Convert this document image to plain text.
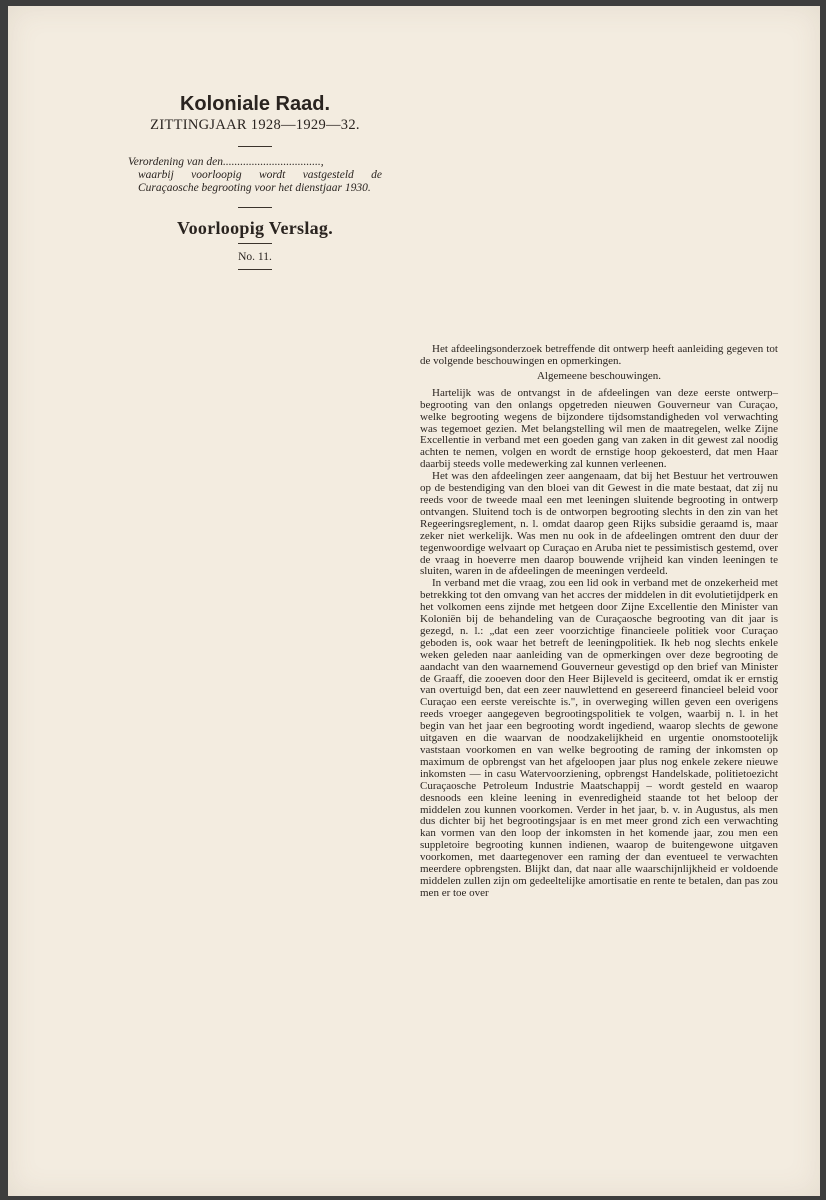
Koloniale Raad.

ZITTINGJAAR 1928—1929—32.

Verordening van den..................................,
waarbij voorloopig wordt vastgesteld de Curaçaosche begrooting voor het dienstjaar 1930.

Voorloopig Verslag.

No. 11.

Het afdeelingsonderzoek betreffende dit ontwerp heeft aanleiding gegeven tot de volgende beschouwingen en opmerkingen.

Algemeene beschouwingen.

Hartelijk was de ontvangst in de afdeelingen van deze eerste ontwerp–begrooting van den onlangs opgetreden nieuwen Gouverneur van Curaçao, welke begrooting wegens de bijzondere tijdsomstandigheden vol verwachting was tegemoet gezien. Met belangstelling wil men de maatregelen, welke Zijne Excellentie in verband met een goeden gang van zaken in dit gewest zal noodig achten te nemen, volgen en wordt de ernstige hoop gekoesterd, dat men Haar daarbij steeds volle medewerking zal kunnen verleenen.

Het was den afdeelingen zeer aangenaam, dat bij het Bestuur het vertrouwen op de bestendiging van den bloei van dit Gewest in die mate bestaat, dat zij nu reeds voor de tweede maal een met leeningen sluitende begrooting in ontwerp ontvangen. Sluitend toch is de ontworpen begrooting slechts in den zin van het Regeeringsreglement, n. l. omdat daarop geen Rijks subsidie geraamd is, maar zeker niet werkelijk. Was men nu ook in de afdeelingen omtrent den duur der tegenwoordige welvaart op Curaçao en Aruba niet te pessimistisch gestemd, over de vraag in hoeverre men daarop bouwende vrijheid kan vinden leeningen te sluiten, waren in de afdeelingen de meeningen verdeeld.

In verband met die vraag, zou een lid ook in verband met de onzekerheid met betrekking tot den omvang van het accres der middelen in dit evolutietijdperk en het volkomen eens zijnde met hetgeen door Zijne Excellentie den Minister van Koloniën bij de behandeling van de Curaçaosche begrooting van dit jaar is gezegd, n. l.: „dat een zeer voorzichtige financieele politiek voor Curaçao geboden is, ook waar het betreft de leeningpolitiek. Ik heb nog slechts enkele weken geleden naar aanleiding van de opmerkingen over deze begrooting de aandacht van den waarnemend Gouverneur gevestigd op den brief van Minister de Graaff, die zooeven door den Heer Bijleveld is geciteerd, omdat ik er ernstig van overtuigd ben, dat een zeer nauwlettend en gesereerd financieel beleid voor Curaçao een eerste vereischte is.", in overweging willen geven een overigens reeds vroeger aangegeven begrootingspolitiek te volgen, waarbij n. l. in het begin van het jaar een begrooting wordt ingediend, waarop slechts de gewone uitgaven en die waarvan de noodzakelijkheid en urgentie onomstootelijk vaststaan voorkomen en van welke begrooting de raming der inkomsten op maximum de opbrengst van het afgeloopen jaar plus nog enkele zekere nieuwe inkomsten — in casu Watervoorziening, opbrengst Handelskade, politietoezicht Curaçaosche Petroleum Industrie Maatschappij – wordt gesteld en waarop desnoods een kleine leening in evenredigheid staande tot het beloop der middelen zou kunnen voorkomen. Verder in het jaar, b. v. in Augustus, als men dus dichter bij het begrootingsjaar is en met meer grond zich een verwachting kan vormen van den loop der inkomsten in het komende jaar, zou men een suppletoire begrooting kunnen indienen, waarop de buitengewone uitgaven voorkomen, met daartegenover een raming der dan eventueel te verwachten meerdere opbrengsten. Blijkt dan, dat naar alle waarschijnlijkheid er voldoende middelen zullen zijn om gedeeltelijke amortisatie en rente te betalen, dan pas zou men er toe over
